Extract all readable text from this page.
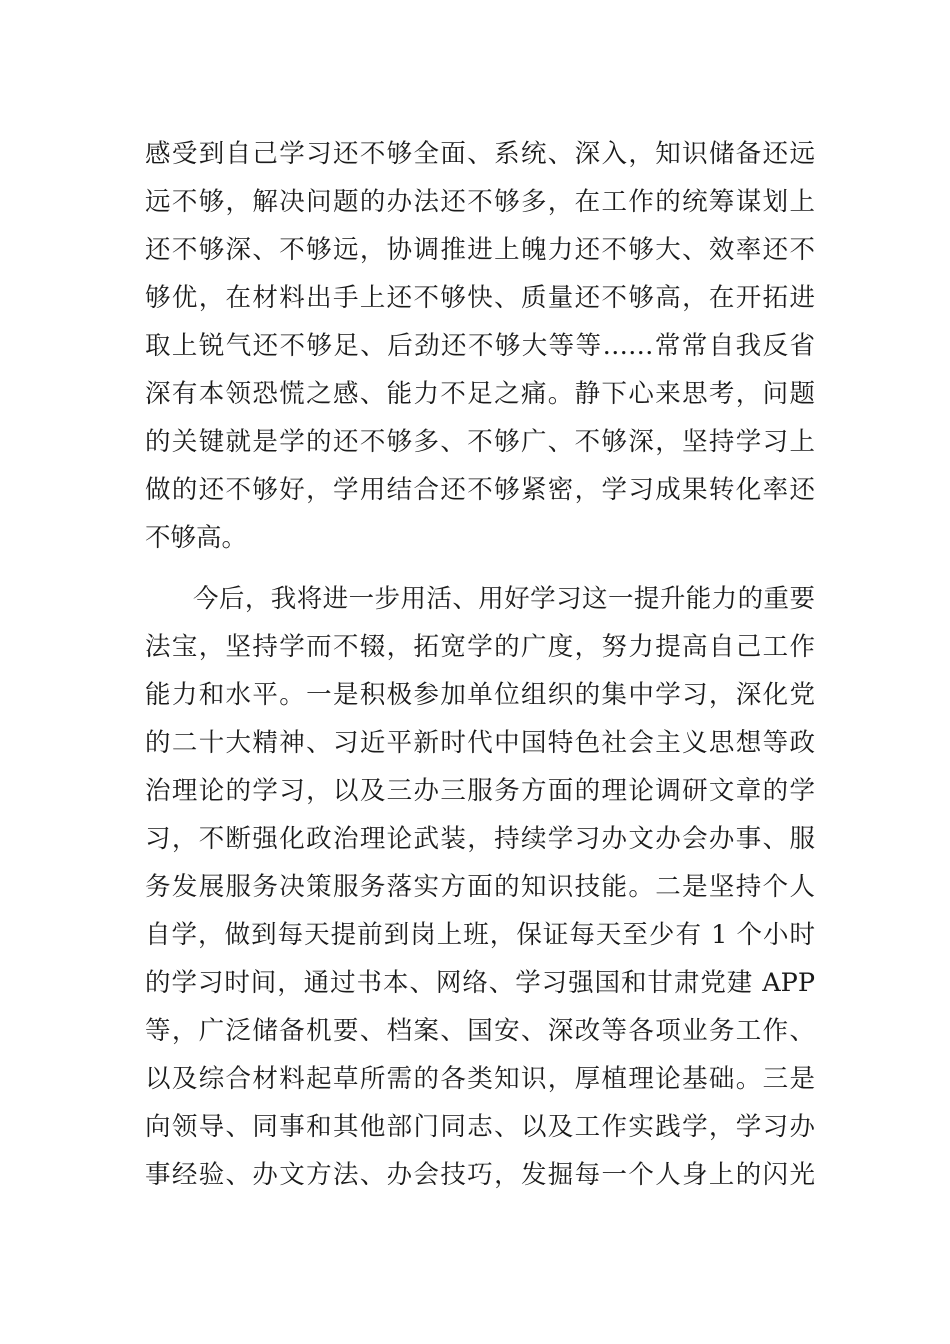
感受到自己学习还不够全面、系统、深入，知识储备还远
远不够，解决问题的办法还不够多，在工作的统筹谋划上
还不够深、不够远，协调推进上魄力还不够大、效率还不
够优，在材料出手上还不够快、质量还不够高，在开拓进
取上锐气还不够足、后劲还不够大等等……常常自我反省
深有本领恐慌之感、能力不足之痛。静下心来思考，问题
的关键就是学的还不够多、不够广、不够深，坚持学习上
做的还不够好，学用结合还不够紧密，学习成果转化率还
不够高。
今后，我将进一步用活、用好学习这一提升能力的重要
法宝，坚持学而不辍，拓宽学的广度，努力提高自己工作
能力和水平。一是积极参加单位组织的集中学习，深化党
的二十大精神、习近平新时代中国特色社会主义思想等政
治理论的学习，以及三办三服务方面的理论调研文章的学
习，不断强化政治理论武装，持续学习办文办会办事、服
务发展服务决策服务落实方面的知识技能。二是坚持个人
自学，做到每天提前到岗上班，保证每天至少有 1 个小时
的学习时间，通过书本、网络、学习强国和甘肃党建 APP
等，广泛储备机要、档案、国安、深改等各项业务工作、
以及综合材料起草所需的各类知识，厚植理论基础。三是
向领导、同事和其他部门同志、以及工作实践学，学习办
事经验、办文方法、办会技巧，发掘每一个人身上的闪光
